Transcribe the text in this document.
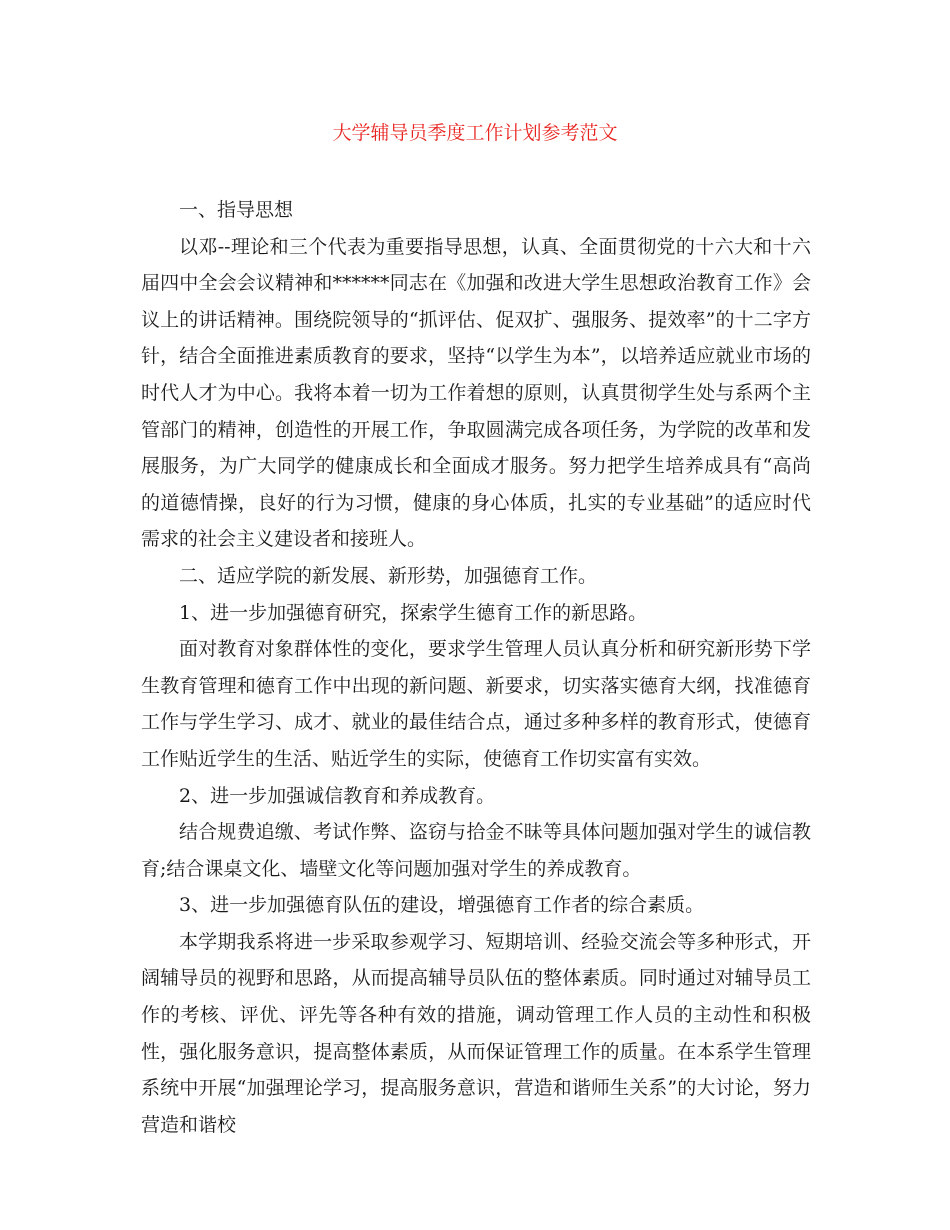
大学辅导员季度工作计划参考范文

一、指导思想

以邓--理论和三个代表为重要指导思想，认真、全面贯彻党的十六大和十六届四中全会会议精神和******同志在《加强和改进大学生思想政治教育工作》会议上的讲话精神。围绕院领导的“抓评估、促双扩、强服务、提效率”的十二字方针，结合全面推进素质教育的要求，坚持“以学生为本”，以培养适应就业市场的时代人才为中心。我将本着一切为工作着想的原则，认真贯彻学生处与系两个主管部门的精神，创造性的开展工作，争取圆满完成各项任务，为学院的改革和发展服务，为广大同学的健康成长和全面成才服务。努力把学生培养成具有“高尚的道德情操，良好的行为习惯，健康的身心体质，扎实的专业基础”的适应时代需求的社会主义建设者和接班人。

二、适应学院的新发展、新形势，加强德育工作。

1、进一步加强德育研究，探索学生德育工作的新思路。

面对教育对象群体性的变化，要求学生管理人员认真分析和研究新形势下学生教育管理和德育工作中出现的新问题、新要求，切实落实德育大纲，找准德育工作与学生学习、成才、就业的最佳结合点，通过多种多样的教育形式，使德育工作贴近学生的生活、贴近学生的实际，使德育工作切实富有实效。

2、进一步加强诚信教育和养成教育。

结合规费追缴、考试作弊、盗窃与拾金不昧等具体问题加强对学生的诚信教育;结合课桌文化、墙壁文化等问题加强对学生的养成教育。

3、进一步加强德育队伍的建设，增强德育工作者的综合素质。

本学期我系将进一步采取参观学习、短期培训、经验交流会等多种形式，开阔辅导员的视野和思路，从而提高辅导员队伍的整体素质。同时通过对辅导员工作的考核、评优、评先等各种有效的措施，调动管理工作人员的主动性和积极性，强化服务意识，提高整体素质，从而保证管理工作的质量。在本系学生管理系统中开展“加强理论学习，提高服务意识，营造和谐师生关系”的大讨论，努力营造和谐校
